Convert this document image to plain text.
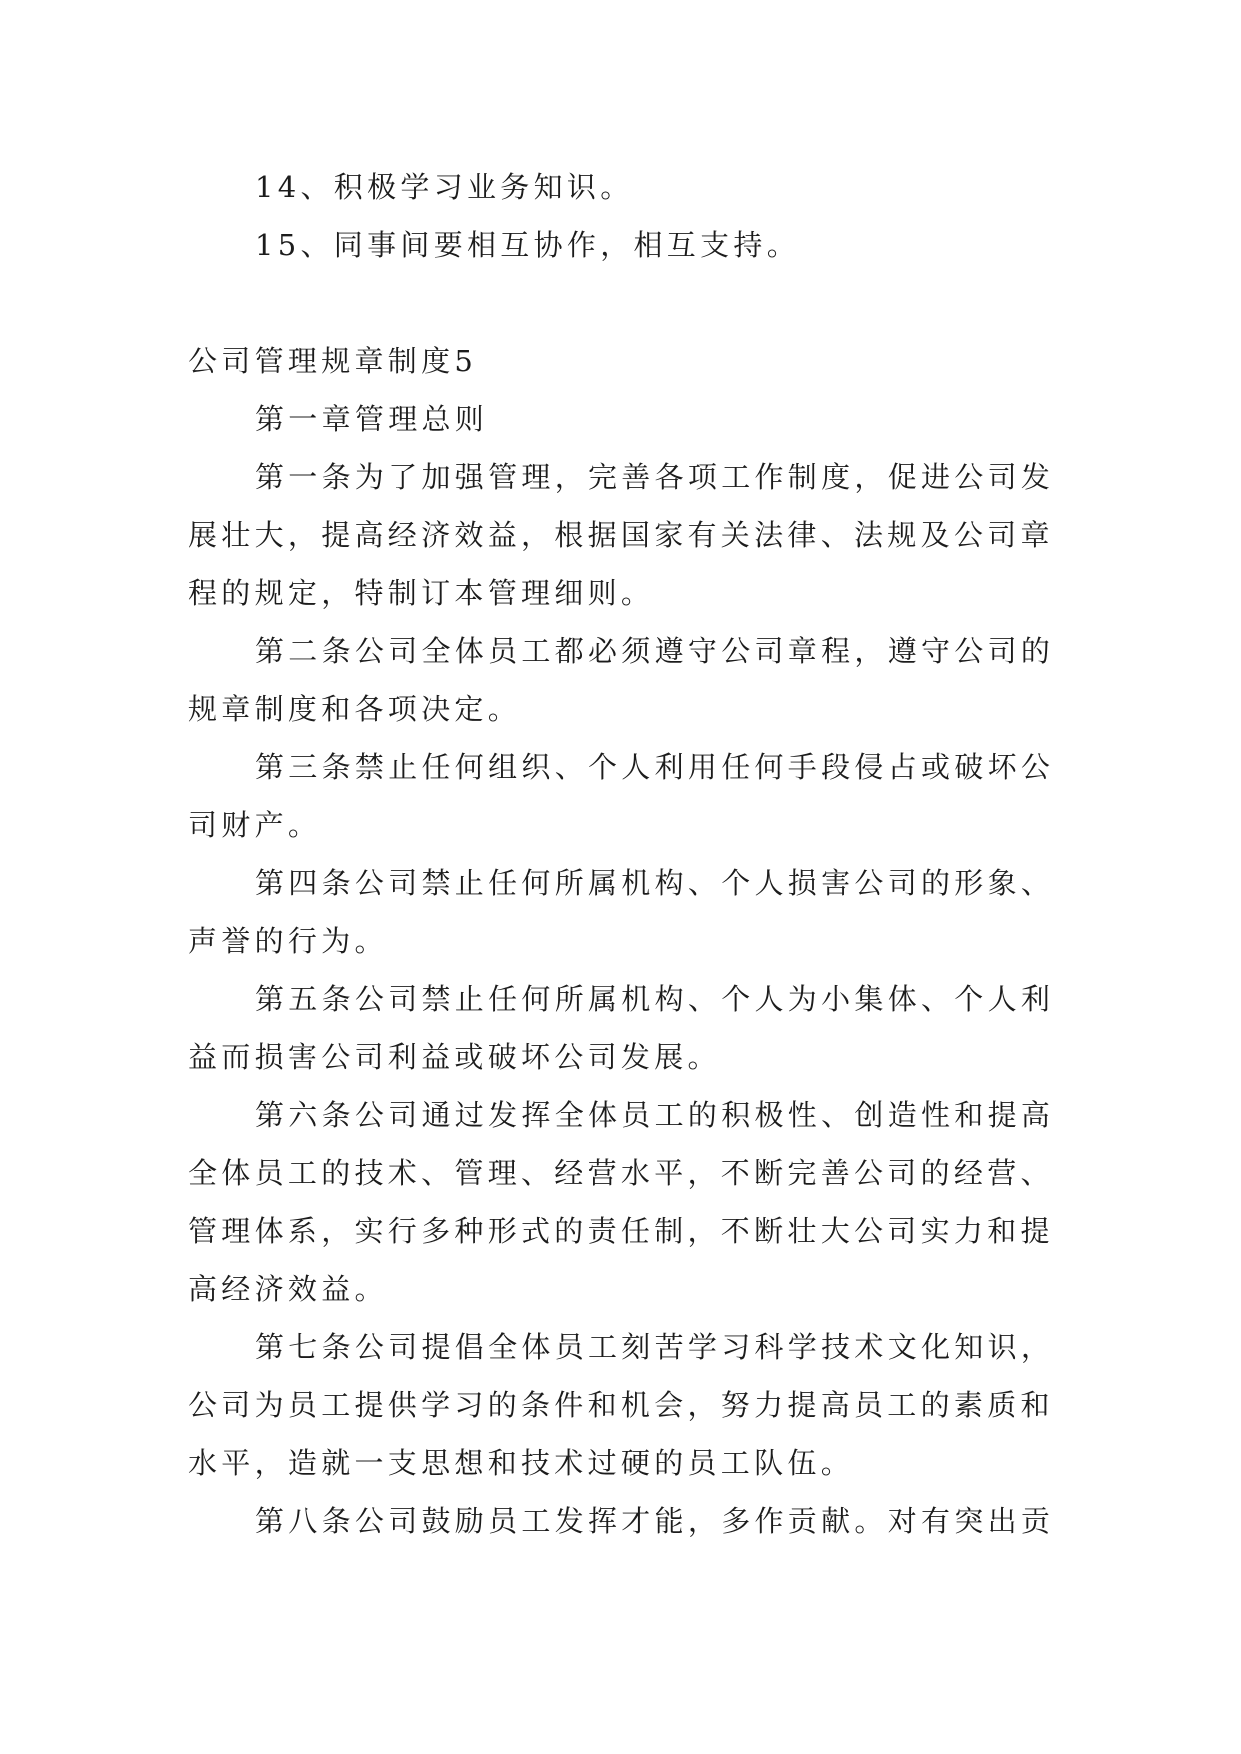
14、积极学习业务知识。
15、同事间要相互协作，相互支持。
公司管理规章制度5
第一章管理总则
第一条为了加强管理，完善各项工作制度，促进公司发
展壮大，提高经济效益，根据国家有关法律、法规及公司章
程的规定，特制订本管理细则。
第二条公司全体员工都必须遵守公司章程，遵守公司的
规章制度和各项决定。
第三条禁止任何组织、个人利用任何手段侵占或破坏公
司财产。
第四条公司禁止任何所属机构、个人损害公司的形象、
声誉的行为。
第五条公司禁止任何所属机构、个人为小集体、个人利
益而损害公司利益或破坏公司发展。
第六条公司通过发挥全体员工的积极性、创造性和提高
全体员工的技术、管理、经营水平，不断完善公司的经营、
管理体系，实行多种形式的责任制，不断壮大公司实力和提
高经济效益。
第七条公司提倡全体员工刻苦学习科学技术文化知识，
公司为员工提供学习的条件和机会，努力提高员工的素质和
水平，造就一支思想和技术过硬的员工队伍。
第八条公司鼓励员工发挥才能，多作贡献。对有突出贡
